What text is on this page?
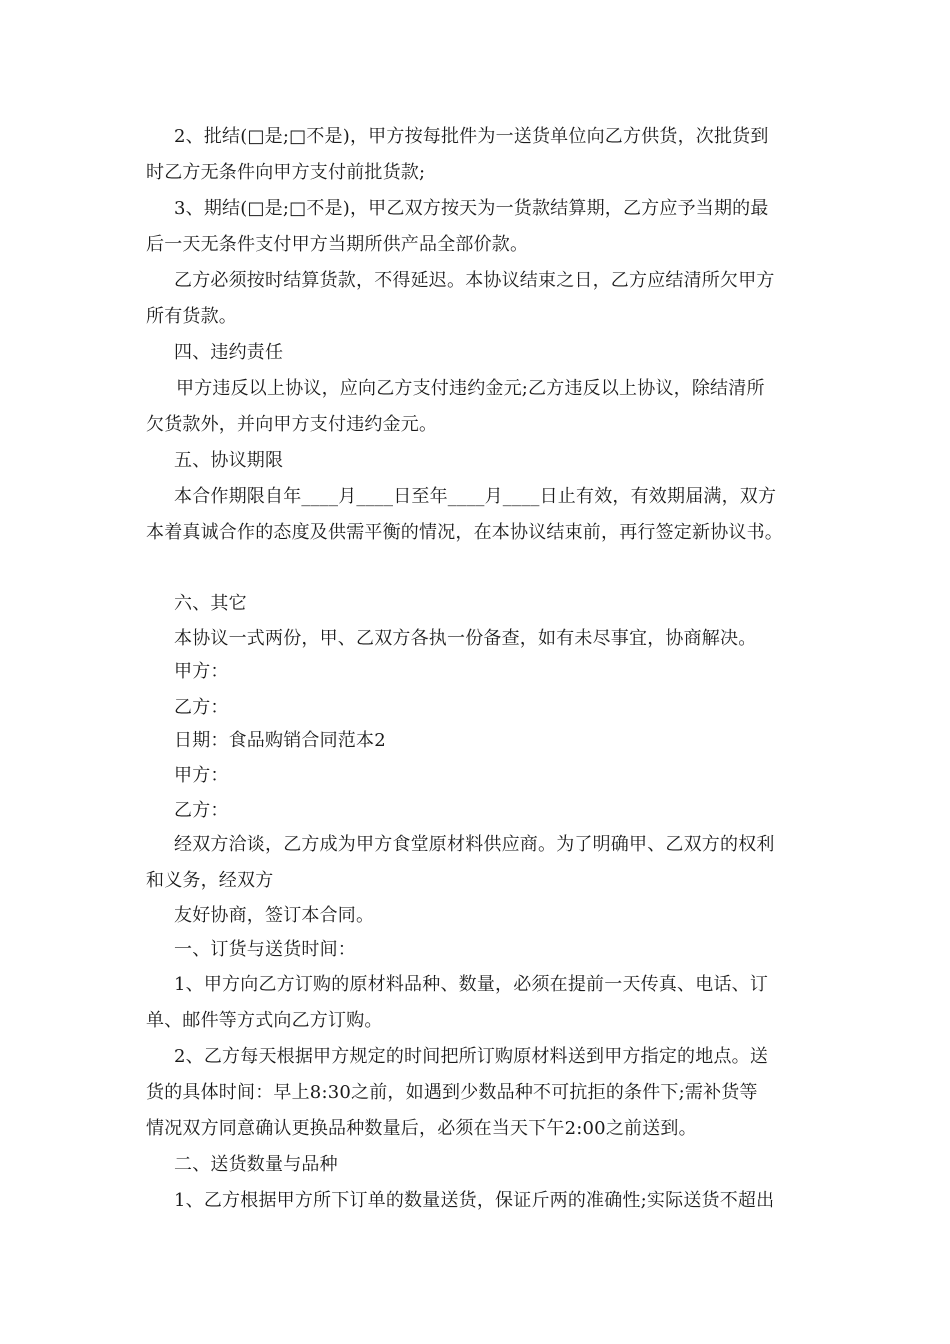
2、批结(□是;□不是)，甲方按每批件为一送货单位向乙方供货，次批货到
时乙方无条件向甲方支付前批货款;
3、期结(□是;□不是)，甲乙双方按天为一货款结算期，乙方应予当期的最
后一天无条件支付甲方当期所供产品全部价款。
乙方必须按时结算货款，不得延迟。本协议结束之日，乙方应结清所欠甲方
所有货款。
四、违约责任
甲方违反以上协议，应向乙方支付违约金元;乙方违反以上协议，除结清所
欠货款外，并向甲方支付违约金元。
五、协议期限
本合作期限自年____月____日至年____月____日止有效，有效期届满，双方
本着真诚合作的态度及供需平衡的情况，在本协议结束前，再行签定新协议书。
六、其它
本协议一式两份，甲、乙双方各执一份备查，如有未尽事宜，协商解决。
甲方：
乙方：
日期：食品购销合同范本2
甲方：
乙方：
经双方洽谈，乙方成为甲方食堂原材料供应商。为了明确甲、乙双方的权利
和义务，经双方
友好协商，签订本合同。
一、订货与送货时间：
1、甲方向乙方订购的原材料品种、数量，必须在提前一天传真、电话、订
单、邮件等方式向乙方订购。
2、乙方每天根据甲方规定的时间把所订购原材料送到甲方指定的地点。送
货的具体时间：早上8:30之前，如遇到少数品种不可抗拒的条件下;需补货等
情况双方同意确认更换品种数量后，必须在当天下午2:00之前送到。
二、送货数量与品种
1、乙方根据甲方所下订单的数量送货，保证斤两的准确性;实际送货不超出
